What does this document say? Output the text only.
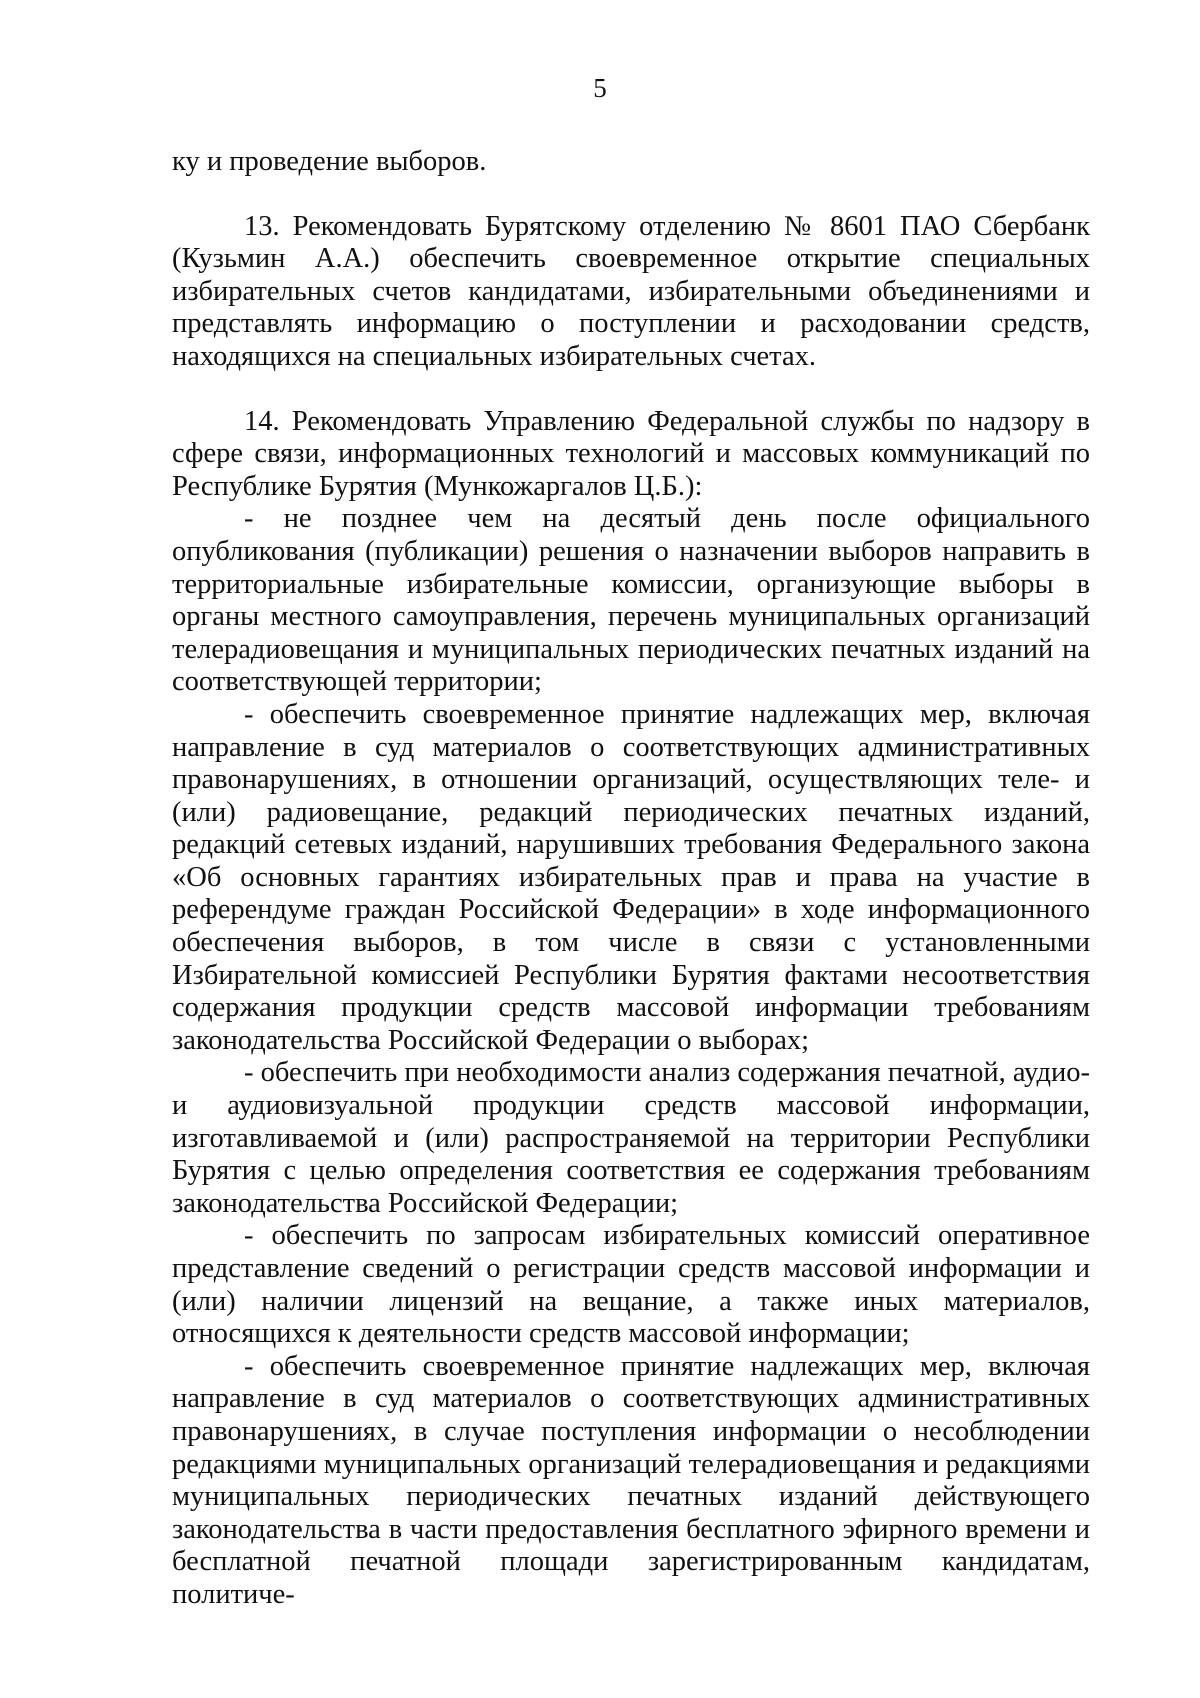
5

ку и проведение выборов.

13. Рекомендовать Бурятскому отделению № 8601 ПАО Сбербанк (Кузьмин А.А.) обеспечить своевременное открытие специальных избирательных счетов кандидатами, избирательными объединениями и представлять информацию о поступлении и расходовании средств, находящихся на специальных избирательных счетах.

14. Рекомендовать Управлению Федеральной службы по надзору в сфере связи, информационных технологий и массовых коммуникаций по Республике Бурятия (Мункожаргалов Ц.Б.):

- не позднее чем на десятый день после официального опубликования (публикации) решения о назначении выборов направить в территориальные избирательные комиссии, организующие выборы в органы местного самоуправления, перечень муниципальных организаций телерадиовещания и муниципальных периодических печатных изданий на соответствующей территории;

- обеспечить своевременное принятие надлежащих мер, включая направление в суд материалов о соответствующих административных правонарушениях, в отношении организаций, осуществляющих теле- и (или) радиовещание, редакций периодических печатных изданий, редакций сетевых изданий, нарушивших требования Федерального закона «Об основных гарантиях избирательных прав и права на участие в референдуме граждан Российской Федерации» в ходе информационного обеспечения выборов, в том числе в связи с установленными Избирательной комиссией Республики Бурятия фактами несоответствия содержания продукции средств массовой информации требованиям законодательства Российской Федерации о выборах;

- обеспечить при необходимости анализ содержания печатной, аудио- и аудиовизуальной продукции средств массовой информации, изготавливаемой и (или) распространяемой на территории Республики Бурятия с целью определения соответствия ее содержания требованиям законодательства Российской Федерации;

- обеспечить по запросам избирательных комиссий оперативное представление сведений о регистрации средств массовой информации и (или) наличии лицензий на вещание, а также иных материалов, относящихся к деятельности средств массовой информации;

- обеспечить своевременное принятие надлежащих мер, включая направление в суд материалов о соответствующих административных правонарушениях, в случае поступления информации о несоблюдении редакциями муниципальных организаций телерадиовещания и редакциями муниципальных периодических печатных изданий действующего законодательства в части предоставления бесплатного эфирного времени и бесплатной печатной площади зарегистрированным кандидатам, политиче-
